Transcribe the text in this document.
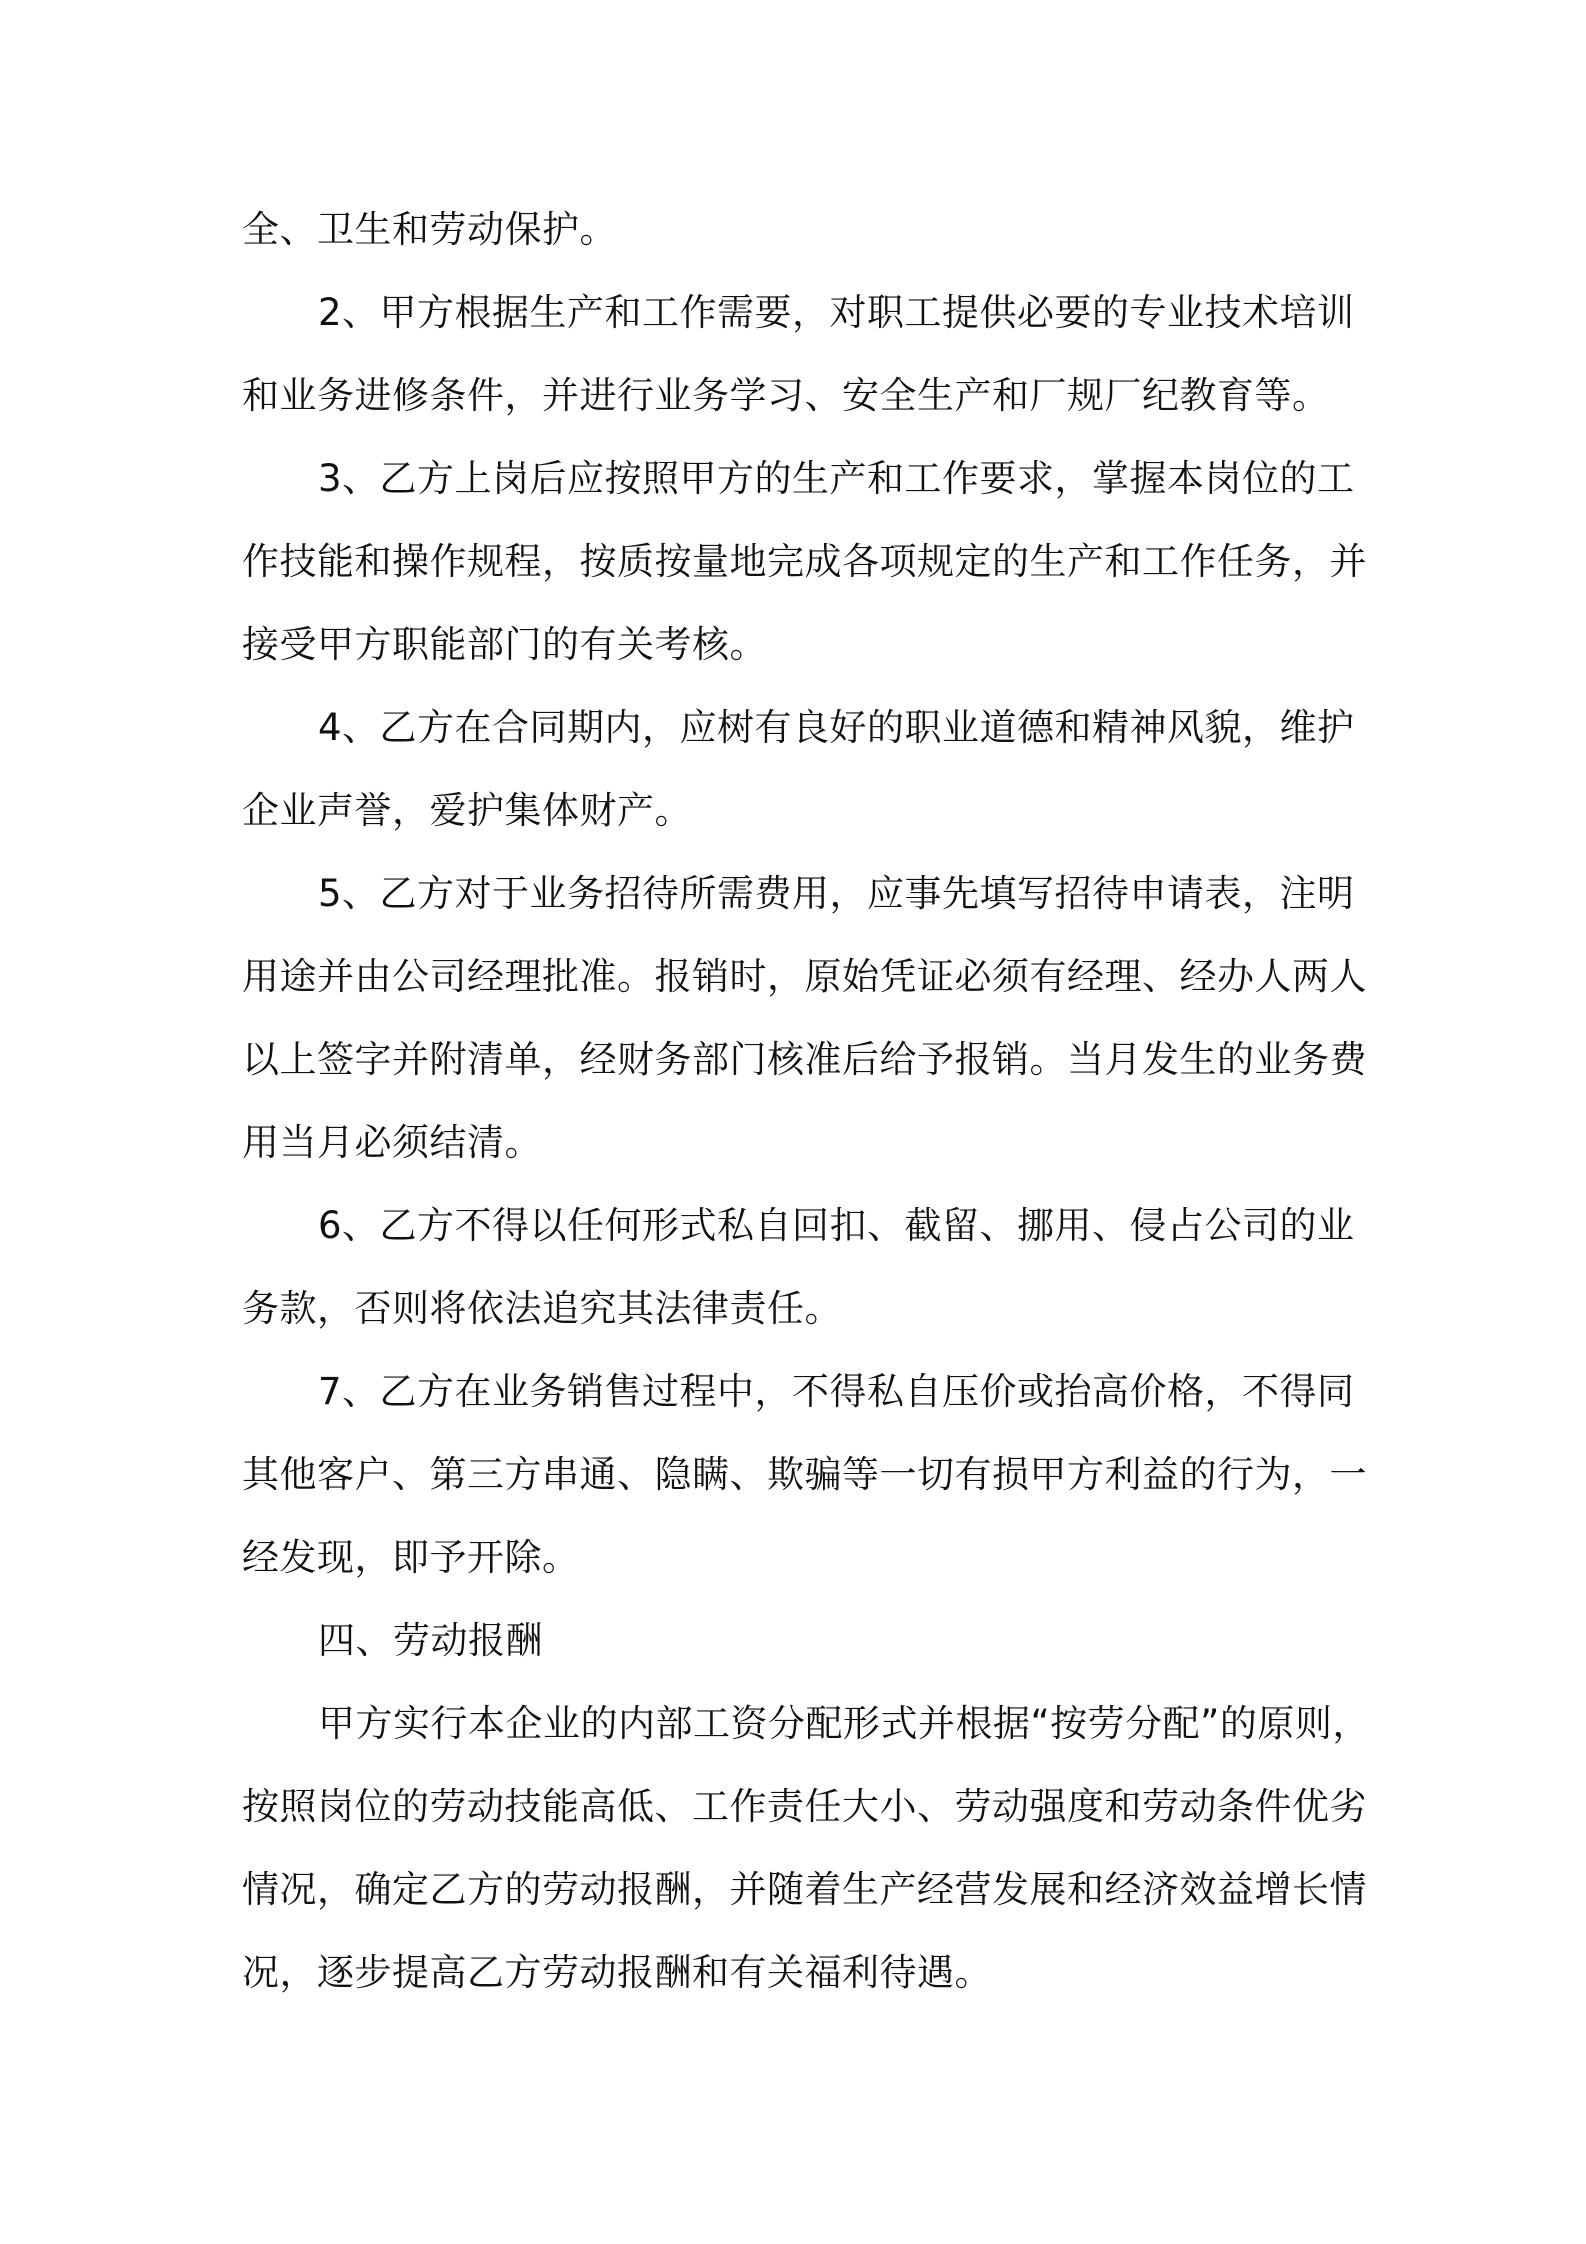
全、卫生和劳动保护。
2、甲方根据生产和工作需要，对职工提供必要的专业技术培训
和业务进修条件，并进行业务学习、安全生产和厂规厂纪教育等。
3、乙方上岗后应按照甲方的生产和工作要求，掌握本岗位的工
作技能和操作规程，按质按量地完成各项规定的生产和工作任务，并
接受甲方职能部门的有关考核。
4、乙方在合同期内，应树有良好的职业道德和精神风貌，维护
企业声誉，爱护集体财产。
5、乙方对于业务招待所需费用，应事先填写招待申请表，注明
用途并由公司经理批准。报销时，原始凭证必须有经理、经办人两人
以上签字并附清单，经财务部门核准后给予报销。当月发生的业务费
用当月必须结清。
6、乙方不得以任何形式私自回扣、截留、挪用、侵占公司的业
务款，否则将依法追究其法律责任。
7、乙方在业务销售过程中，不得私自压价或抬高价格，不得同
其他客户、第三方串通、隐瞒、欺骗等一切有损甲方利益的行为，一
经发现，即予开除。
四、劳动报酬
甲方实行本企业的内部工资分配形式并根据“按劳分配”的原则，
按照岗位的劳动技能高低、工作责任大小、劳动强度和劳动条件优劣
情况，确定乙方的劳动报酬，并随着生产经营发展和经济效益增长情
况，逐步提高乙方劳动报酬和有关福利待遇。
